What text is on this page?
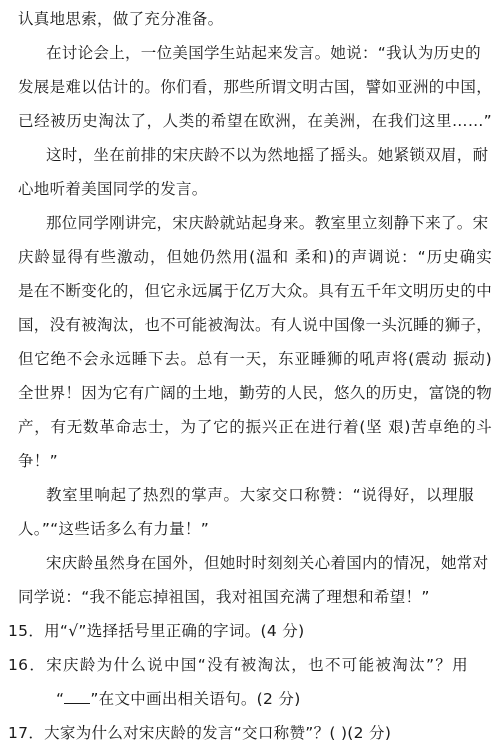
认真地思索，做了充分准备。
在讨论会上，一位美国学生站起来发言。她说：“我认为历史的
发展是难以估计的。你们看，那些所谓文明古国，譬如亚洲的中国，
已经被历史淘汰了，人类的希望在欧洲，在美洲，在我们这里……”
这时，坐在前排的宋庆龄不以为然地摇了摇头。她紧锁双眉，耐
心地听着美国同学的发言。
那位同学刚讲完，宋庆龄就站起身来。教室里立刻静下来了。宋
庆龄显得有些激动，但她仍然用(温和 柔和)的声调说：“历史确实
是在不断变化的，但它永远属于亿万大众。具有五千年文明历史的中
国，没有被淘汰，也不可能被淘汰。有人说中国像一头沉睡的狮子，
但它绝不会永远睡下去。总有一天，东亚睡狮的吼声将(震动 振动)
全世界！因为它有广阔的土地，勤劳的人民，悠久的历史，富饶的物
产，有无数革命志士，为了它的振兴正在进行着(坚 艰)苦卓绝的斗
争！”
教室里响起了热烈的掌声。大家交口称赞：“说得好，以理服
人。”“这些话多么有力量！”
宋庆龄虽然身在国外，但她时时刻刻关心着国内的情况，她常对
同学说：“我不能忘掉祖国，我对祖国充满了理想和希望！”
15．用“√”选择括号里正确的字词。(4 分)
16．宋庆龄为什么说中国“没有被淘汰，也不可能被淘汰”？用
“ ”在文中画出相关语句。(2 分)
17．大家为什么对宋庆龄的发言“交口称赞”？( )(2 分)
